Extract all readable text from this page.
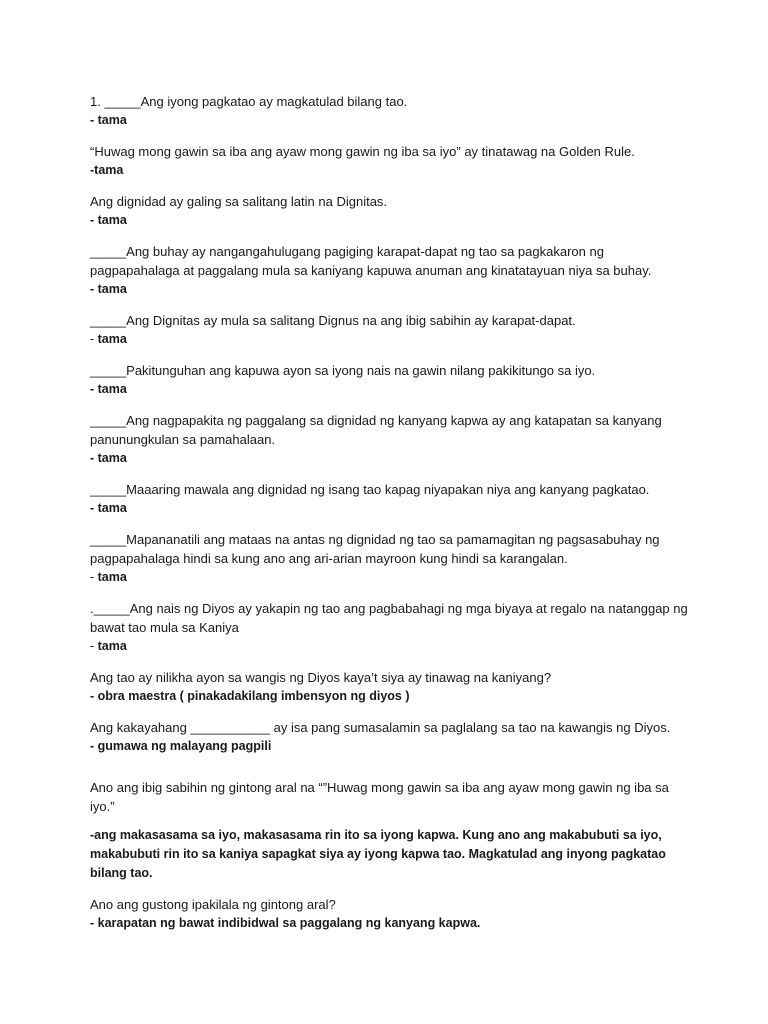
1. _____Ang iyong pagkatao ay magkatulad bilang tao.
- tama
“Huwag mong gawin sa iba ang ayaw mong gawin ng iba sa iyo” ay tinatawag na Golden Rule.
-tama
Ang dignidad ay galing sa salitang latin na Dignitas.
- tama
_____Ang buhay ay nangangahulugang pagiging karapat-dapat ng tao sa pagkakaron ng pagpapahalaga at paggalang mula sa kaniyang kapuwa anuman ang kinatatayuan niya sa buhay.
- tama
_____Ang Dignitas ay mula sa salitang Dignus na ang ibig sabihin ay karapat-dapat.
- tama
_____Pakitunguhan ang kapuwa ayon sa iyong nais na gawin nilang pakikitungo sa iyo.
- tama
_____Ang nagpapakita ng paggalang sa dignidad ng kanyang kapwa ay ang katapatan sa kanyang panunungkulan sa pamahalaan.
- tama
_____Maaaring mawala ang dignidad ng isang tao kapag niyapakan niya ang kanyang pagkatao.
- tama
_____Mapananatili ang mataas na antas ng dignidad ng tao sa pamamagitan ng pagsasabuhay ng pagpapahalaga hindi sa kung ano ang ari-arian mayroon kung hindi sa karangalan.
- tama
._____Ang nais ng Diyos ay yakapin ng tao ang pagbabahagi ng mga biyaya at regalo na natanggap ng bawat tao mula sa Kaniya
- tama
Ang tao ay nilikha ayon sa wangis ng Diyos kaya’t siya ay tinawag na kaniyang?
- obra maestra ( pinakadakilang imbensyon ng diyos )
Ang kakayahang ___________ ay isa pang sumasalamin sa paglalang sa tao na kawangis ng Diyos.
- gumawa ng malayang pagpili
Ano ang ibig sabihin ng gintong aral na “”Huwag mong gawin sa iba ang ayaw mong gawin ng iba sa iyo.”
-ang makasasama sa iyo, makasasama rin ito sa iyong kapwa. Kung ano ang makabubuti sa iyo, makabubuti rin ito sa kaniya sapagkat siya ay iyong kapwa tao. Magkatulad ang inyong pagkatao bilang tao.
Ano ang gustong ipakilala ng gintong aral?
- karapatan ng bawat indibidwal sa paggalang ng kanyang kapwa.
